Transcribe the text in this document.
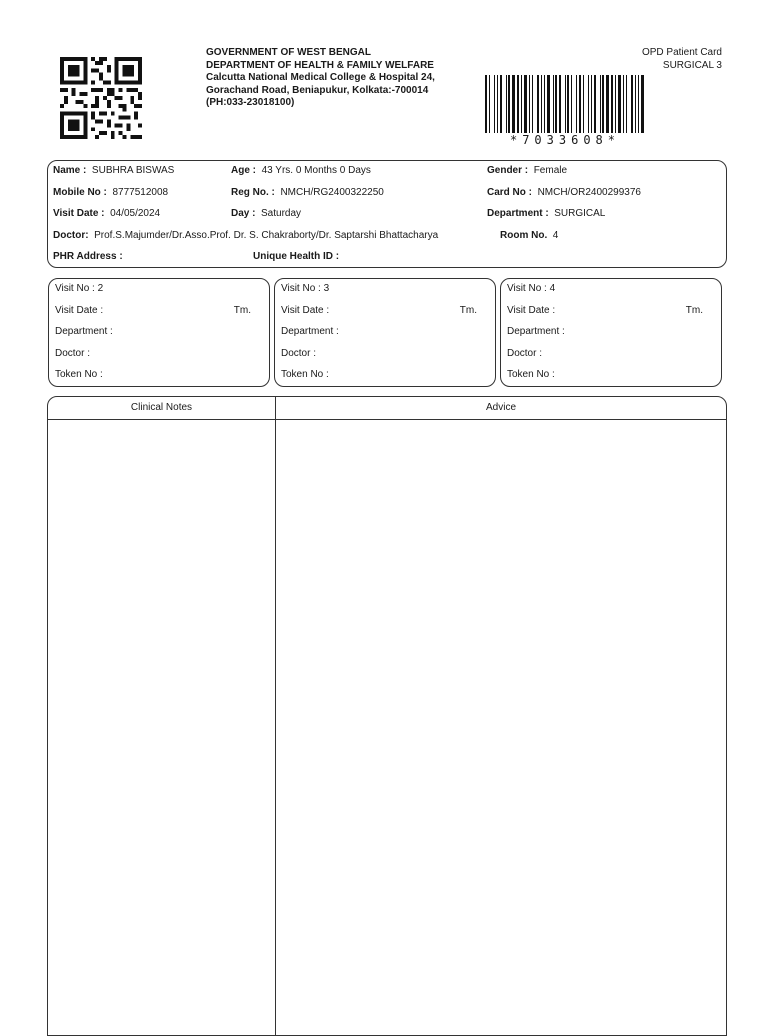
GOVERNMENT OF WEST BENGAL
DEPARTMENT OF HEALTH & FAMILY WELFARE
Calcutta National Medical College & Hospital 24,
Gorachand Road, Beniapukur, Kolkata:-700014
(PH:033-23018100)
OPD Patient Card
SURGICAL 3
*7033608*
Name : SUBHRA BISWAS	Age : 43 Yrs. 0 Months 0 Days	Gender : Female
Mobile No : 8777512008	Reg No. : NMCH/RG2400322250	Card No : NMCH/OR2400299376
Visit Date : 04/05/2024	Day : Saturday	Department : SURGICAL
Doctor: Prof.S.Majumder/Dr.Asso.Prof. Dr. S. Chakraborty/Dr. Saptarshi Bhattacharya	Room No. 4
PHR Address :	Unique Health ID :
Visit No : 2
Visit Date :	Tm.
Department :
Doctor :
Token No :
Visit No : 3
Visit Date :	Tm.
Department :
Doctor :
Token No :
Visit No : 4
Visit Date :	Tm.
Department :
Doctor :
Token No :
Clinical Notes	Advice
